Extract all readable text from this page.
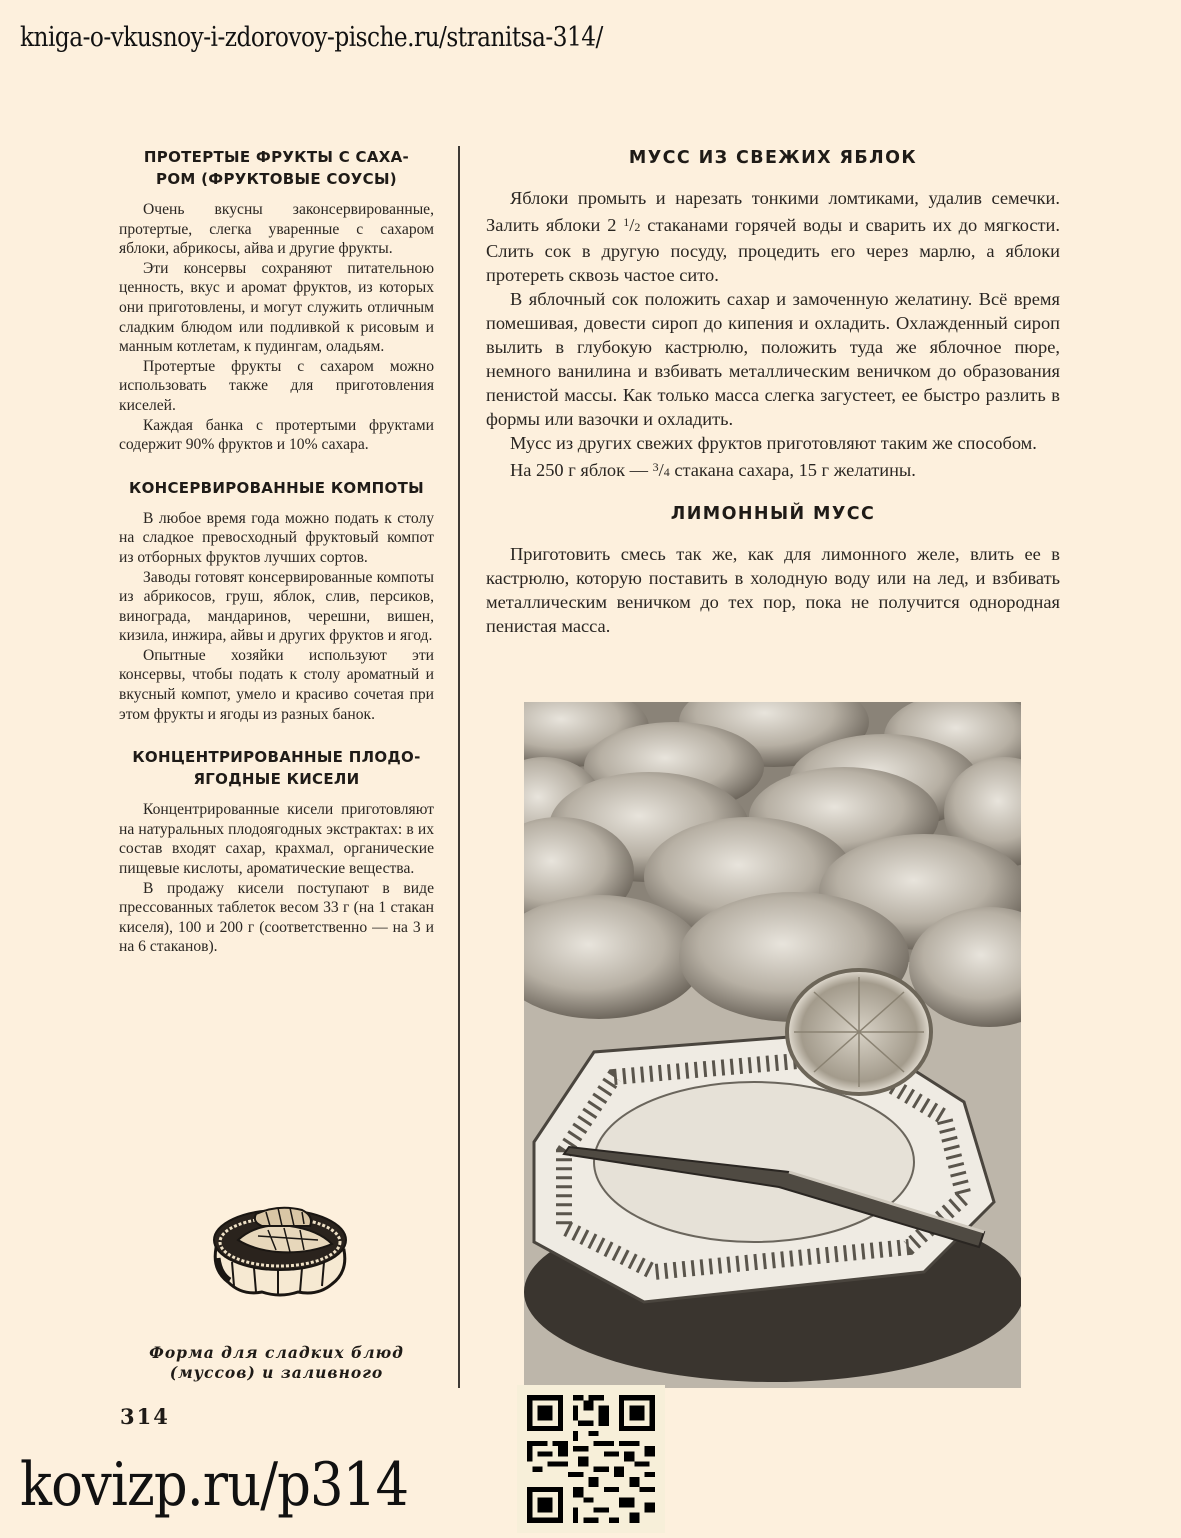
kniga-o-vkusnoy-i-zdorovoy-pische.ru/stranitsa-314/
ПРОТЕРТЫЕ ФРУКТЫ С САХА-
РОМ (ФРУКТОВЫЕ СОУСЫ)

Очень вкусны законсервированные, протертые, слегка уваренные с сахаром яблоки, абрикосы, айва и другие фрукты.

Эти консервы сохраняют питательною ценность, вкус и аромат фруктов, из которых они приготовлены, и могут служить отличным сладким блюдом или подливкой к рисовым и манным котлетам, к пудингам, оладьям.

Протертые фрукты с сахаром можно использовать также для приготовления киселей.

Каждая банка с протертыми фруктами содержит 90% фруктов и 10% сахара.

КОНСЕРВИРОВАННЫЕ КОМПОТЫ

В любое время года можно подать к столу на сладкое превосходный фруктовый компот из отборных фруктов лучших сортов.

Заводы готовят консервированные компоты из абрикосов, груш, яблок, слив, персиков, винограда, мандаринов, черешни, вишен, кизила, инжира, айвы и других фруктов и ягод.

Опытные хозяйки используют эти консервы, чтобы подать к столу ароматный и вкусный компот, умело и красиво сочетая при этом фрукты и ягоды из разных банок.

КОНЦЕНТРИРОВАННЫЕ ПЛОДО-
ЯГОДНЫЕ КИСЕЛИ

Концентрированные кисели приготовляют на натуральных плодоягодных экстрактах: в их состав входят сахар, крахмал, органические пищевые кислоты, ароматические вещества.

В продажу кисели поступают в виде прессованных таблеток весом 33 г (на 1 стакан киселя), 100 и 200 г (соответственно — на 3 и на 6 стаканов).

Форма для сладких блюд
(муссов) и заливного
МУСС ИЗ СВЕЖИХ ЯБЛОК

Яблоки промыть и нарезать тонкими ломтиками, удалив семечки. Залить яблоки 2 $^1$/2 стаканами горячей воды и сварить их до мягкости. Слить сок в другую посуду, процедить его через марлю, а яблоки протереть сквозь частое сито.

В яблочный сок положить сахар и замоченную желатину. Всё время помешивая, довести сироп до кипения и охладить. Охлажденный сироп вылить в глубокую кастрюлю, положить туда же яблочное пюре, немного ванилина и взбивать металлическим веничком до образования пенистой массы. Как только масса слегка загустеет, ее быстро разлить в формы или вазочки и охладить.

Мусс из других свежих фруктов приготовляют таким же способом.

На 250 г яблок — $^3$/4 стакана сахара, 15 г желатины.

ЛИМОННЫЙ МУСС

Приготовить смесь так же, как для лимонного желе, влить ее в кастрюлю, которую поставить в холодную воду или на лед, и взбивать металлическим веничком до тех пор, пока не получится однородная пенистая масса.

314
kovizp.ru/p314
